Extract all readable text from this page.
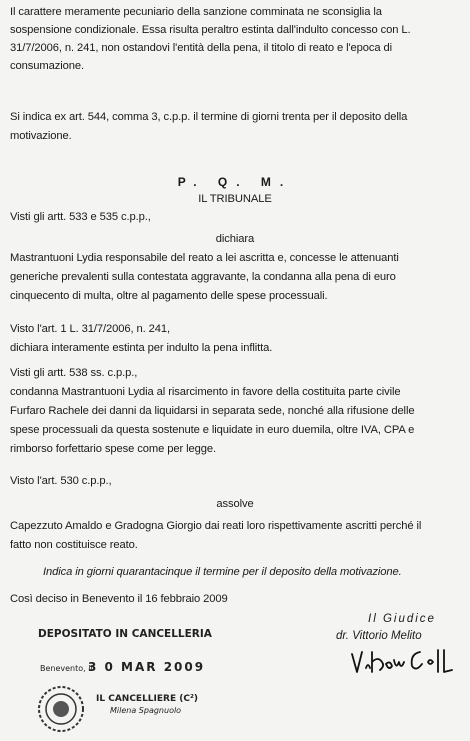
Il carattere meramente pecuniario della sanzione comminata ne sconsiglia la
sospensione condizionale. Essa risulta peraltro estinta dall'indulto concesso con L.
31/7/2006, n. 241, non ostandovi l'entità della pena, il titolo di reato e l'epoca di
consumazione.
Si indica ex art. 544, comma 3, c.p.p. il termine di giorni trenta per il deposito della
motivazione.
P. Q. M.
IL TRIBUNALE
Visti gli artt. 533 e 535 c.p.p.,
dichiara
Mastrantuoni Lydia responsabile del reato a lei ascritta e, concesse le attenuanti
generiche prevalenti sulla contestata aggravante, la condanna alla pena di euro
cinquecento di multa, oltre al pagamento delle spese processuali.
Visto l'art. 1 L. 31/7/2006, n. 241,
dichiara interamente estinta per indulto la pena inflitta.
Visti gli artt. 538 ss. c.p.p.,
condanna Mastrantuoni Lydia al risarcimento in favore della costituita parte civile
Furfaro Rachele dei danni da liquidarsi in separata sede, nonché alla rifusione delle
spese processuali da questa sostenute e liquidate in euro duemila, oltre IVA, CPA e
rimborso forfettario spese come per legge.
Visto l'art. 530 c.p.p.,
assolve
Capezzuto Amaldo e Gradogna Giorgio dai reati loro rispettivamente ascritti perché il
fatto non costituisce reato.
Indica in giorni quarantacinque il termine per il deposito della motivazione.
Così deciso in Benevento il 16 febbraio 2009
Il Giudice
dr. Vittorio Melito
DEPOSITATO IN CANCELLERIA
Benevento, li
3 0 MAR 2009
IL CANCELLIERE (C²)
Milena Spagnuolo
